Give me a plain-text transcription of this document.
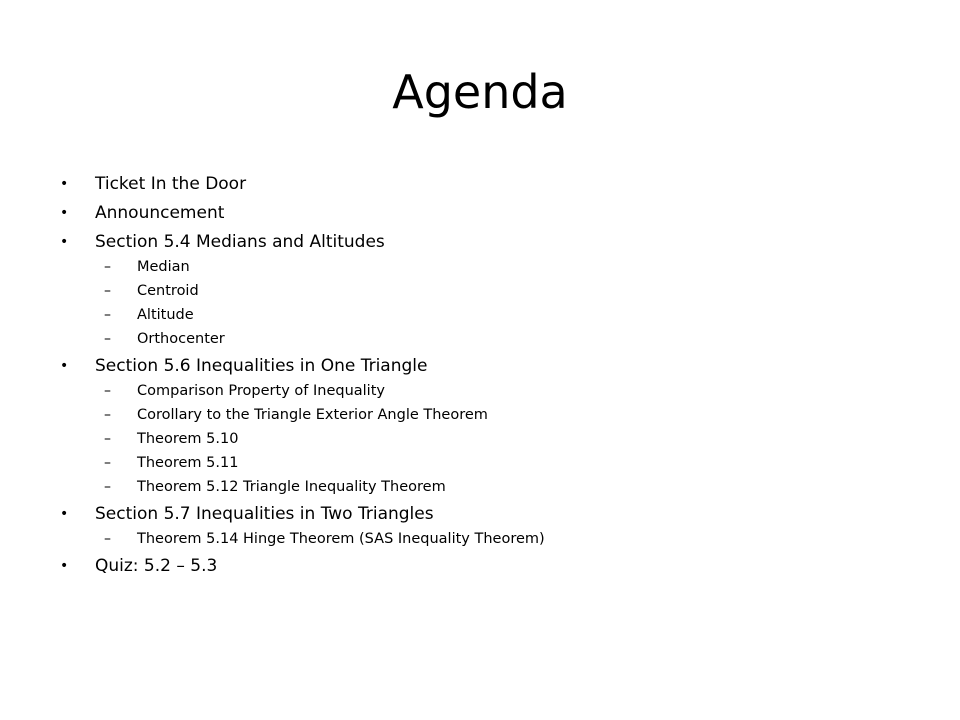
Agenda
• Ticket In the Door
• Announcement
• Section 5.4 Medians and Altitudes
– Median
– Centroid
– Altitude
– Orthocenter
• Section 5.6 Inequalities in One Triangle
– Comparison Property of Inequality
– Corollary to the Triangle Exterior Angle Theorem
– Theorem 5.10
– Theorem 5.11
– Theorem 5.12 Triangle Inequality Theorem
• Section 5.7 Inequalities in Two Triangles
– Theorem 5.14 Hinge Theorem (SAS Inequality Theorem)
• Quiz: 5.2 – 5.3
